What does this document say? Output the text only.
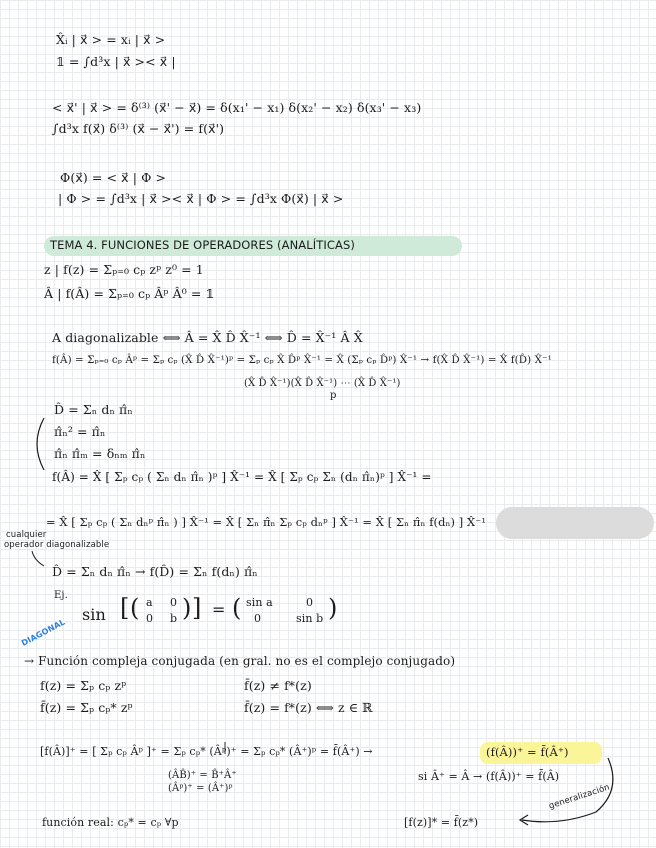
X̂ᵢ | x⃗ > = xᵢ | x⃗ >
𝟙 = ∫d³x | x⃗ >< x⃗ |
< x⃗' | x⃗ > = δ⁽³⁾ (x⃗' − x⃗) = δ(x₁' − x₁) δ(x₂' − x₂) δ(x₃' − x₃)
∫d³x f(x⃗) δ⁽³⁾ (x⃗ − x⃗') = f(x⃗')
Φ(x⃗) = < x⃗ | Φ >
| Φ > = ∫d³x | x⃗ >< x⃗ | Φ > = ∫d³x Φ(x⃗) | x⃗ >
TEMA 4. FUNCIONES DE OPERADORES (ANALÍTICAS)
z | f(z) = Σₚ₌₀ cₚ zᵖ z⁰ = 1
Â | f(Â) = Σₚ₌₀ cₚ Âᵖ Â⁰ = 𝟙
A diagonalizable ⟺ Â = X̂ D̂ X̂⁻¹ ⟺ D̂ = X̂⁻¹ Â X̂
f(Â) = Σₚ₌₀ cₚ Âᵖ = Σₚ cₚ (X̂ D̂ X̂⁻¹)ᵖ = Σₚ cₚ X̂ D̂ᵖ X̂⁻¹ = X̂ (Σₚ cₚ D̂ᵖ) X̂⁻¹ → f(X̂ D̂ X̂⁻¹) = X̂ f(D̂) X̂⁻¹
(X̂ D̂ X̂⁻¹)(X̂ D̂ X̂⁻¹) ⋯ (X̂ D̂ X̂⁻¹)
p
D̂ = Σₙ dₙ π̂ₙ
π̂ₙ² = π̂ₙ
π̂ₙ π̂ₘ = δₙₘ π̂ₙ
f(Â) = X̂ [ Σₚ cₚ ( Σₙ dₙ π̂ₙ )ᵖ ] X̂⁻¹ = X̂ [ Σₚ cₚ Σₙ (dₙ π̂ₙ)ᵖ ] X̂⁻¹ =
= X̂ [ Σₚ cₚ ( Σₙ dₙᵖ π̂ₙ ) ] X̂⁻¹ = X̂ [ Σₙ π̂ₙ Σₚ cₚ dₙᵖ ] X̂⁻¹ = X̂ [ Σₙ π̂ₙ f(dₙ) ] X̂⁻¹
cualquier
operador diagonalizable
D̂ = Σₙ dₙ π̂ₙ → f(D̂) = Σₙ f(dₙ) π̂ₙ
Ej.
DIAGONAL
sin [ ( a 0
0 b ) ] = ( sin a	0
0	sin b )
→ Función compleja conjugada (en gral. no es el complejo conjugado)
f(z) = Σₚ cₚ zᵖ	f̄(z) ≠ f*(z)
f̄(z) = Σₚ cₚ* zᵖ	f̄(z) = f*(z) ⟺ z ∈ ℝ
[f(Â)]⁺ = [ Σₚ cₚ Âᵖ ]⁺ = Σₚ cₚ* (Âᵖ)⁺ = Σₚ cₚ* (Â⁺)ᵖ = f̄(Â⁺) →	(f(Â))⁺ = f̄(Â⁺)
(ÂB̂)⁺ = B̂⁺Â⁺
(Âᵖ)⁺ = (Â⁺)ᵖ
si Â⁺ = Â → (f(Â))⁺ = f̄(Â)
función real: cₚ* = cₚ ∀p	[f(z)]* = f̄(z*)
generalización
